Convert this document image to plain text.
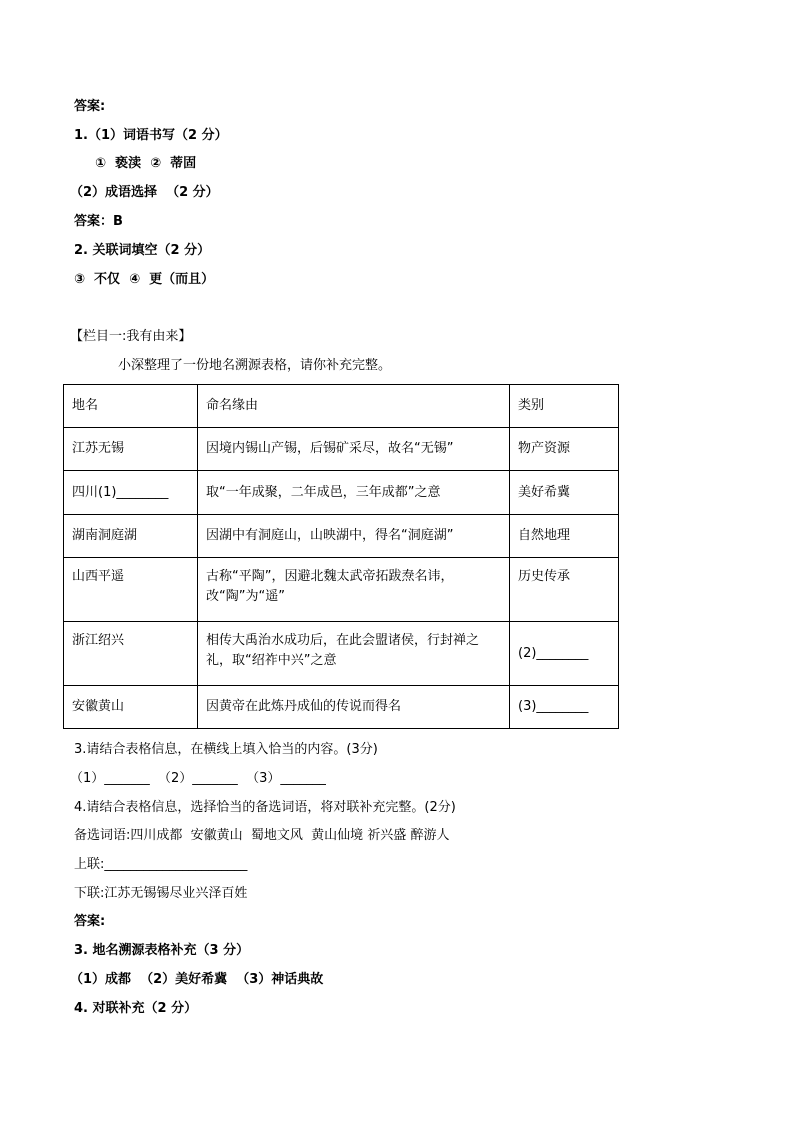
答案:
1.（1）词语书写（2 分）
①  亵渎  ②  蒂固
（2）成语选择  （2 分）
答案：B
2. 关联词填空（2 分）
③  不仅  ④  更（而且）
【栏目一:我有由来】
小深整理了一份地名溯源表格，请你补充完整。
地名	命名缘由	类别
江苏无锡	因境内锡山产锡，后锡矿采尽，故名“无锡”	物产资源
四川(1)________	取“一年成聚，二年成邑，三年成都”之意	美好希冀
湖南洞庭湖	因湖中有洞庭山，山映湖中，得名“洞庭湖”	自然地理
山西平遥	古称“平陶”，因避北魏太武帝拓跋焘名讳，改“陶”为“遥”	历史传承
浙江绍兴	相传大禹治水成功后，在此会盟诸侯，行封禅之礼，取“绍祚中兴”之意	(2)________
安徽黄山	因黄帝在此炼丹成仙的传说而得名	(3)________
3.请结合表格信息，在横线上填入恰当的内容。(3分)
（1）_______  （2）_______  （3）_______
4.请结合表格信息，选择恰当的备选词语，将对联补充完整。(2分)
备选词语:四川成都  安徽黄山  蜀地文风  黄山仙境 祈兴盛 醉游人
上联:______________________
下联:江苏无锡锡尽业兴泽百姓
答案:
3. 地名溯源表格补充（3 分）
（1）成都  （2）美好希冀  （3）神话典故
4. 对联补充（2 分）
